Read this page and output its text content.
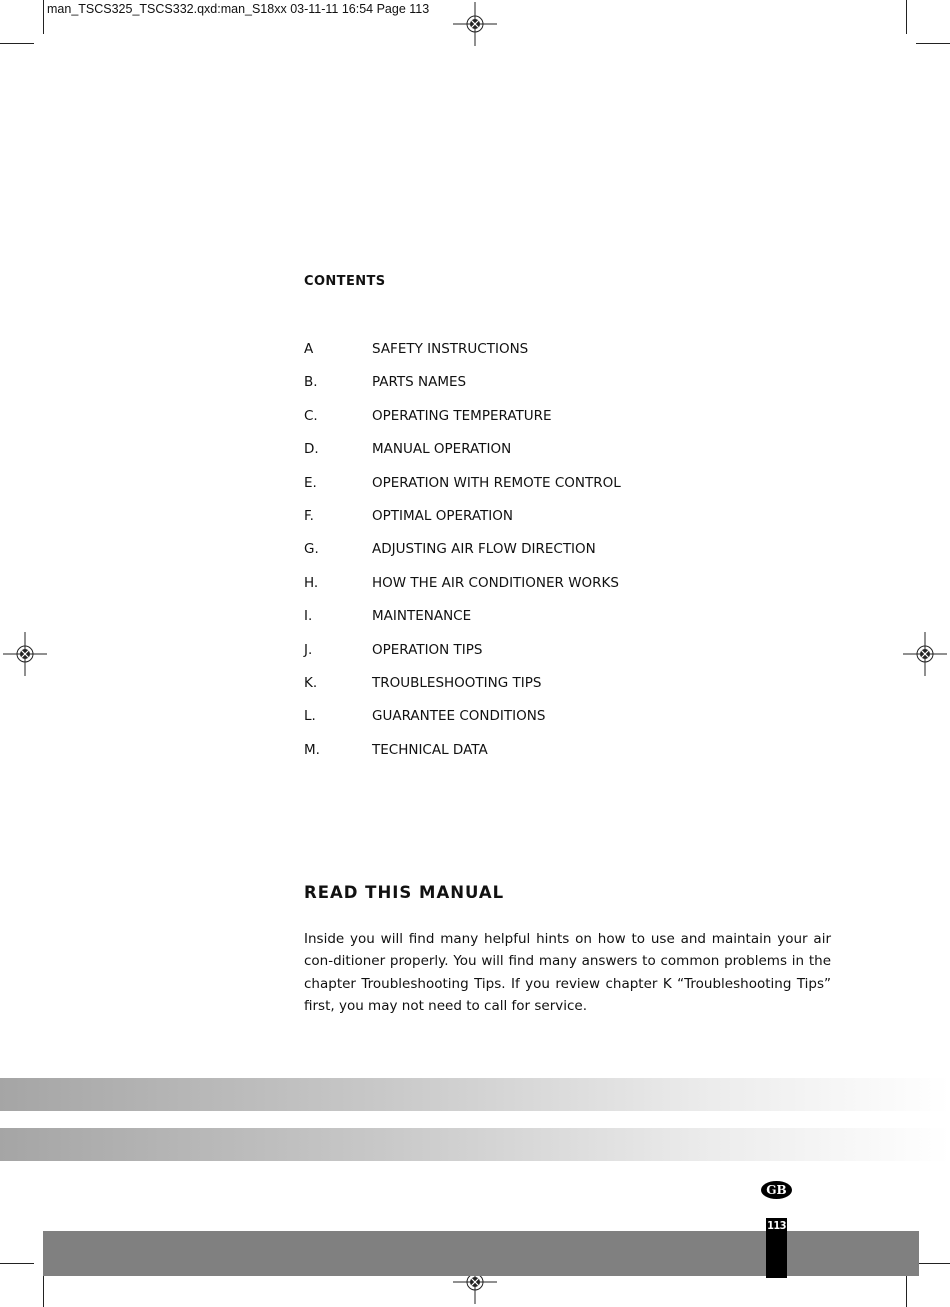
man_TSCS325_TSCS332.qxd:man_S18xx 03-11-11 16:54 Page 113
CONTENTS
A	SAFETY INSTRUCTIONS
B.	PARTS NAMES
C.	OPERATING TEMPERATURE
D.	MANUAL OPERATION
E.	OPERATION WITH REMOTE CONTROL
F.	OPTIMAL OPERATION
G.	ADJUSTING AIR FLOW DIRECTION
H.	HOW THE AIR CONDITIONER WORKS
I.	MAINTENANCE
J.	OPERATION TIPS
K.	TROUBLESHOOTING TIPS
L.	GUARANTEE CONDITIONS
M.	TECHNICAL DATA
READ THIS MANUAL

Inside you will find many helpful hints on how to use and maintain your air con-ditioner properly. You will find many answers to common problems in the chapter Troubleshooting Tips. If you review chapter K “Troubleshooting Tips” first, you may not need to call for service.

GB
113
